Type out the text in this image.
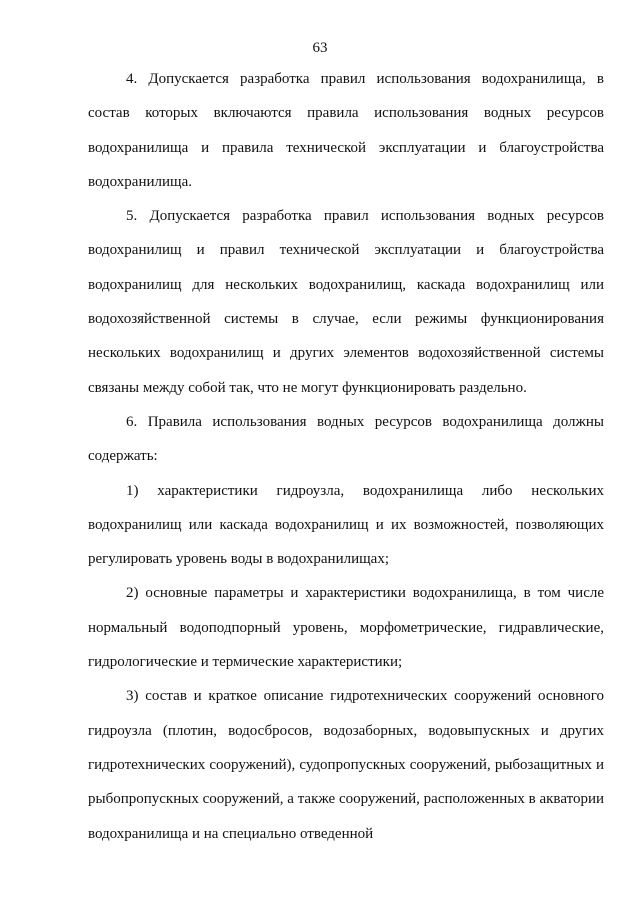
63

4. Допускается разработка правил использования водохранилища, в состав которых включаются правила использования водных ресурсов водохранилища и правила технической эксплуатации и благоустройства водохранилища.

5. Допускается разработка правил использования водных ресурсов водохранилищ и правил технической эксплуатации и благоустройства водохранилищ для нескольких водохранилищ, каскада водохранилищ или водохозяйственной системы в случае, если режимы функционирования нескольких водохранилищ и других элементов водохозяйственной системы связаны между собой так, что не могут функционировать раздельно.

6. Правила использования водных ресурсов водохранилища должны содержать:

1) характеристики гидроузла, водохранилища либо нескольких водохранилищ или каскада водохранилищ и их возможностей, позволяющих регулировать уровень воды в водохранилищах;

2) основные параметры и характеристики водохранилища, в том числе нормальный водоподпорный уровень, морфометрические, гидравлические, гидрологические и термические характеристики;

3) состав и краткое описание гидротехнических сооружений основного гидроузла (плотин, водосбросов, водозаборных, водовыпускных и других гидротехнических сооружений), судопропускных сооружений, рыбозащитных и рыбопропускных сооружений, а также сооружений, расположенных в акватории водохранилища и на специально отведенной
